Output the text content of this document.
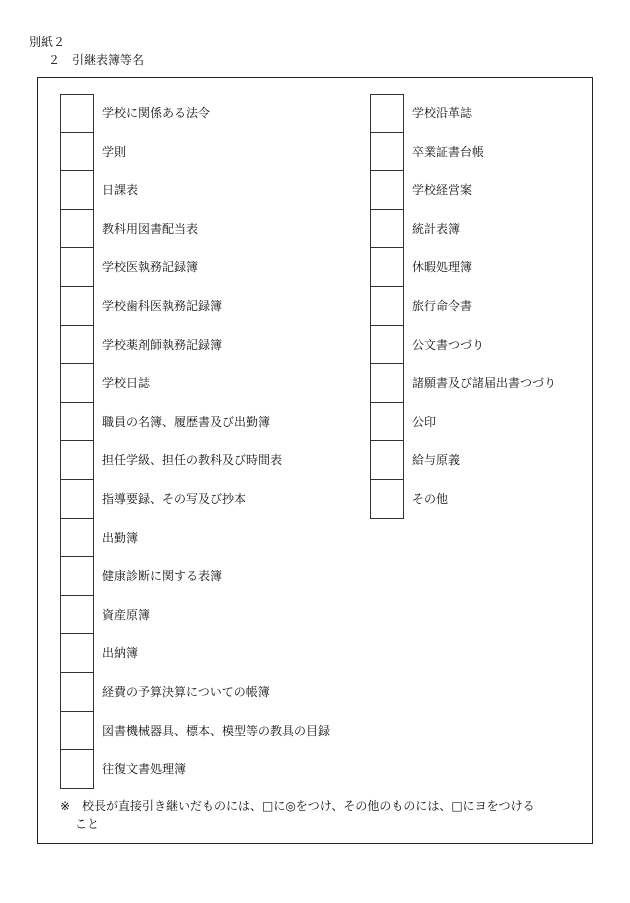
別紙２
２ 引継表簿等名
学校に関係ある法令
学則
日課表
教科用図書配当表
学校医執務記録簿
学校歯科医執務記録簿
学校薬剤師執務記録簿
学校日誌
職員の名簿、履歴書及び出勤簿
担任学級、担任の教科及び時間表
指導要録、その写及び抄本
出勤簿
健康診断に関する表簿
資産原簿
出納簿
経費の予算決算についての帳簿
図書機械器具、標本、模型等の教具の目録
往復文書処理簿
学校沿革誌
卒業証書台帳
学校経営案
統計表簿
休暇処理簿
旅行命令書
公文書つづり
諸願書及び諸届出書つづり
公印
給与原義
その他
※ 校長が直接引き継いだものには、□に◎をつけ、その他のものには、□にヨをつける
こと
